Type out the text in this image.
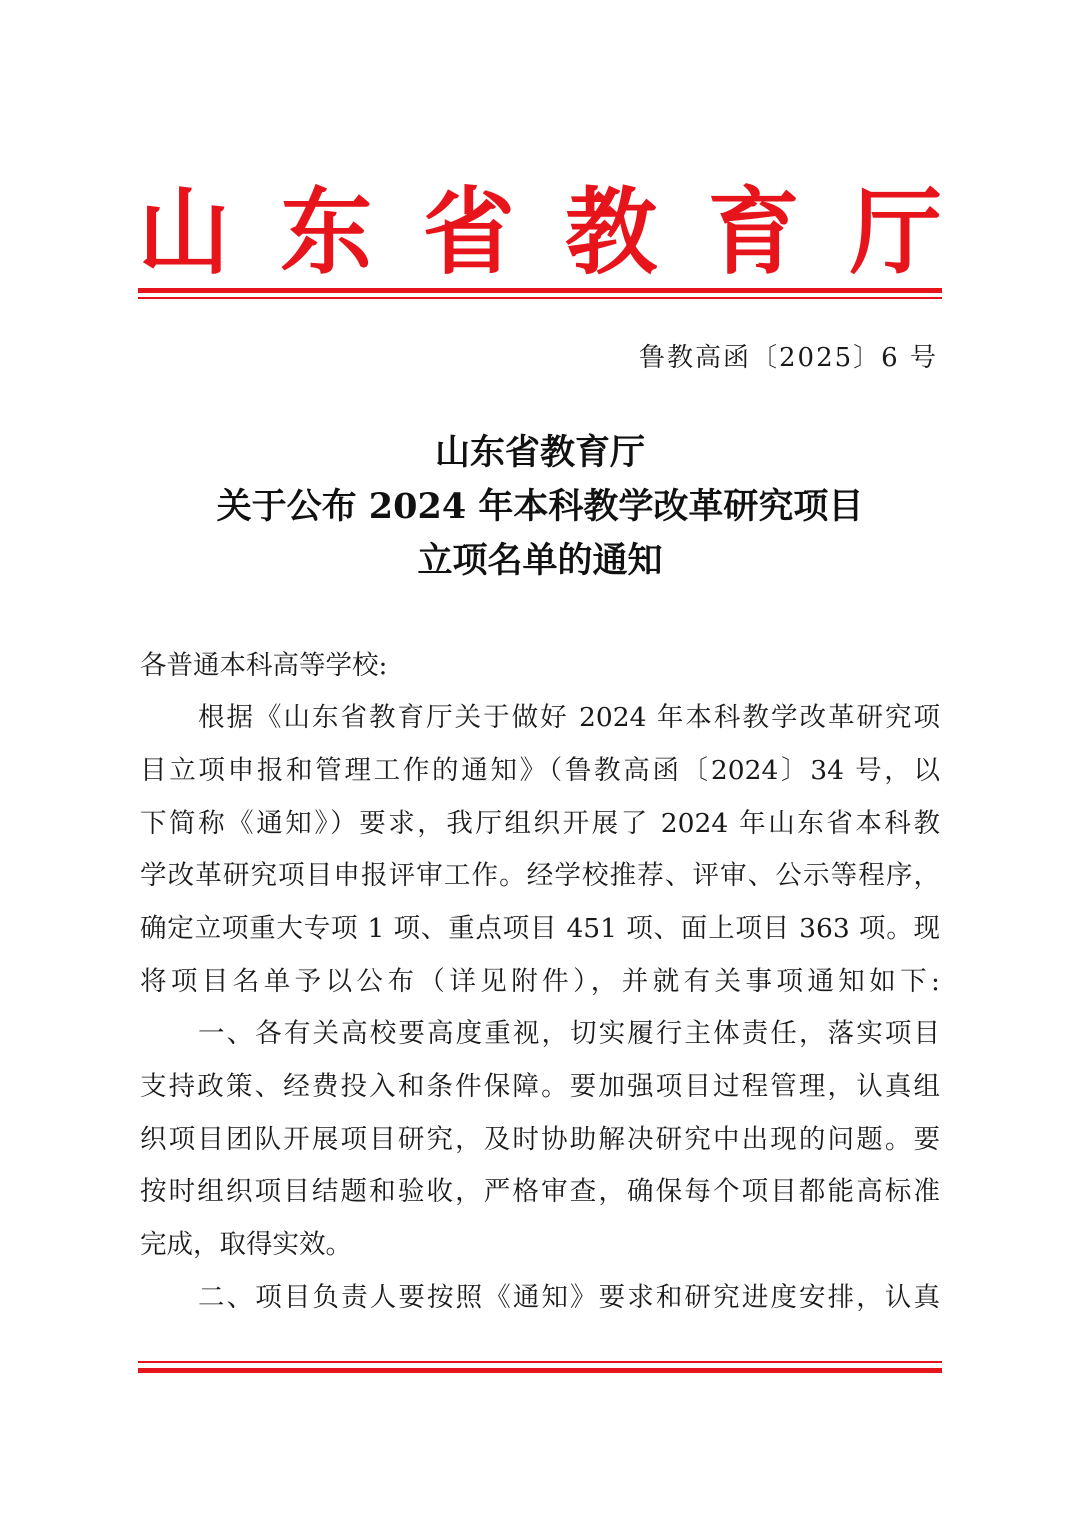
山 东 省 教 育 厅
鲁教高函〔2025〕6 号
山东省教育厅
关于公布 2024 年本科教学改革研究项目
立项名单的通知
各普通本科高等学校:
根据《山东省教育厅关于做好 2024 年本科教学改革研究项
目立项申报和管理工作的通知》（鲁教高函〔2024〕34 号，以
下简称《通知》）要求，我厅组织开展了 2024 年山东省本科教
学改革研究项目申报评审工作。经学校推荐、评审、公示等程序，
确定立项重大专项 1 项、重点项目 451 项、面上项目 363 项。现
将项目名单予以公布（详见附件），并就有关事项通知如下:
一、各有关高校要高度重视，切实履行主体责任，落实项目
支持政策、经费投入和条件保障。要加强项目过程管理，认真组
织项目团队开展项目研究，及时协助解决研究中出现的问题。要
按时组织项目结题和验收，严格审查，确保每个项目都能高标准
完成，取得实效。
二、项目负责人要按照《通知》要求和研究进度安排，认真
